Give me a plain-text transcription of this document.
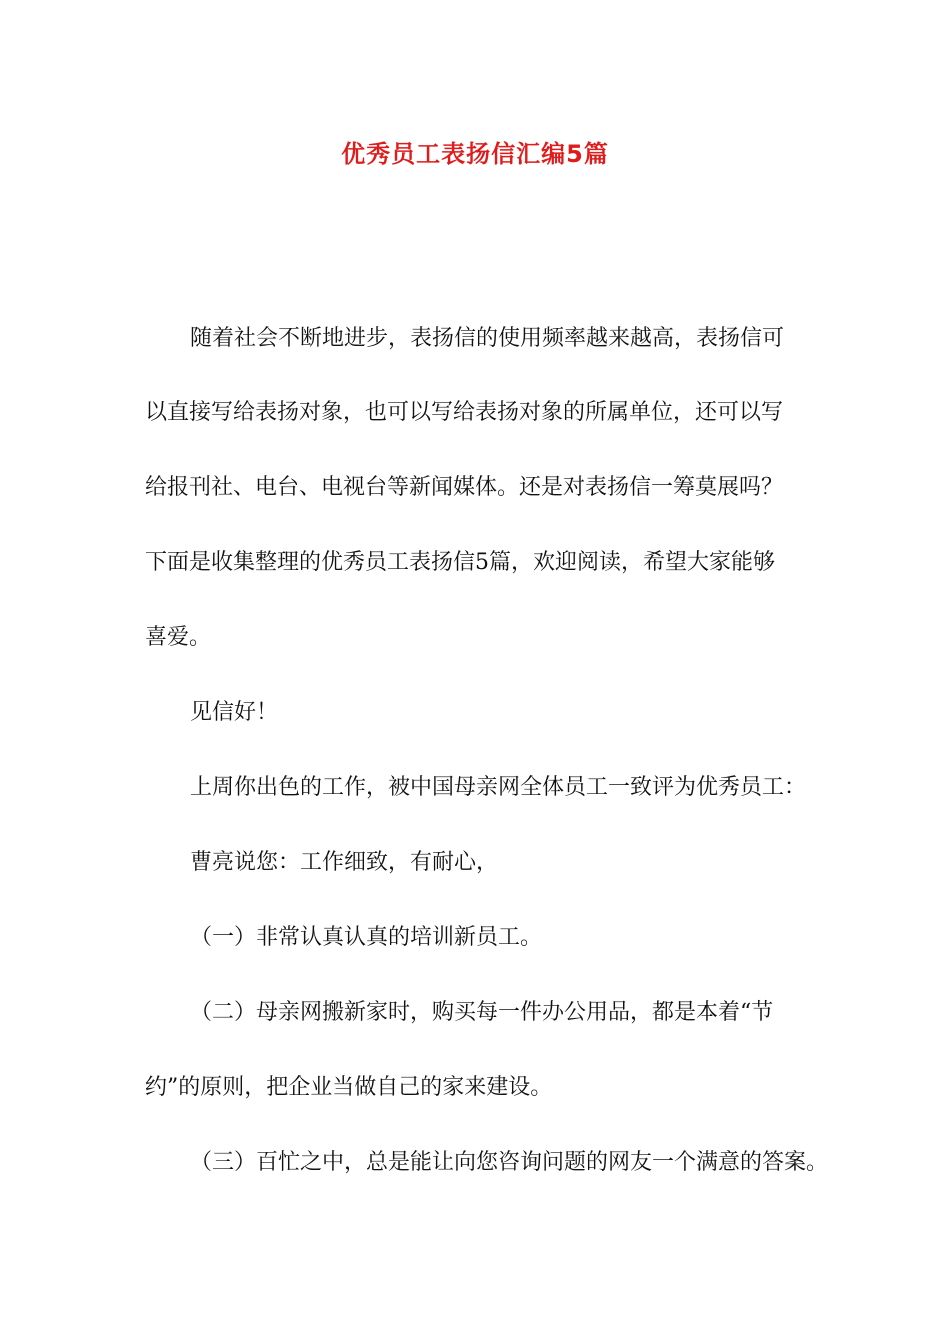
优秀员工表扬信汇编5篇
随着社会不断地进步，表扬信的使用频率越来越高，表扬信可
以直接写给表扬对象，也可以写给表扬对象的所属单位，还可以写
给报刊社、电台、电视台等新闻媒体。还是对表扬信一筹莫展吗？
下面是收集整理的优秀员工表扬信5篇，欢迎阅读，希望大家能够
喜爱。
见信好！
上周你出色的工作，被中国母亲网全体员工一致评为优秀员工：
曹亮说您：工作细致，有耐心，
（一）非常认真认真的培训新员工。
（二）母亲网搬新家时，购买每一件办公用品，都是本着“节
约”的原则，把企业当做自己的家来建设。
（三）百忙之中，总是能让向您咨询问题的网友一个满意的答案。
